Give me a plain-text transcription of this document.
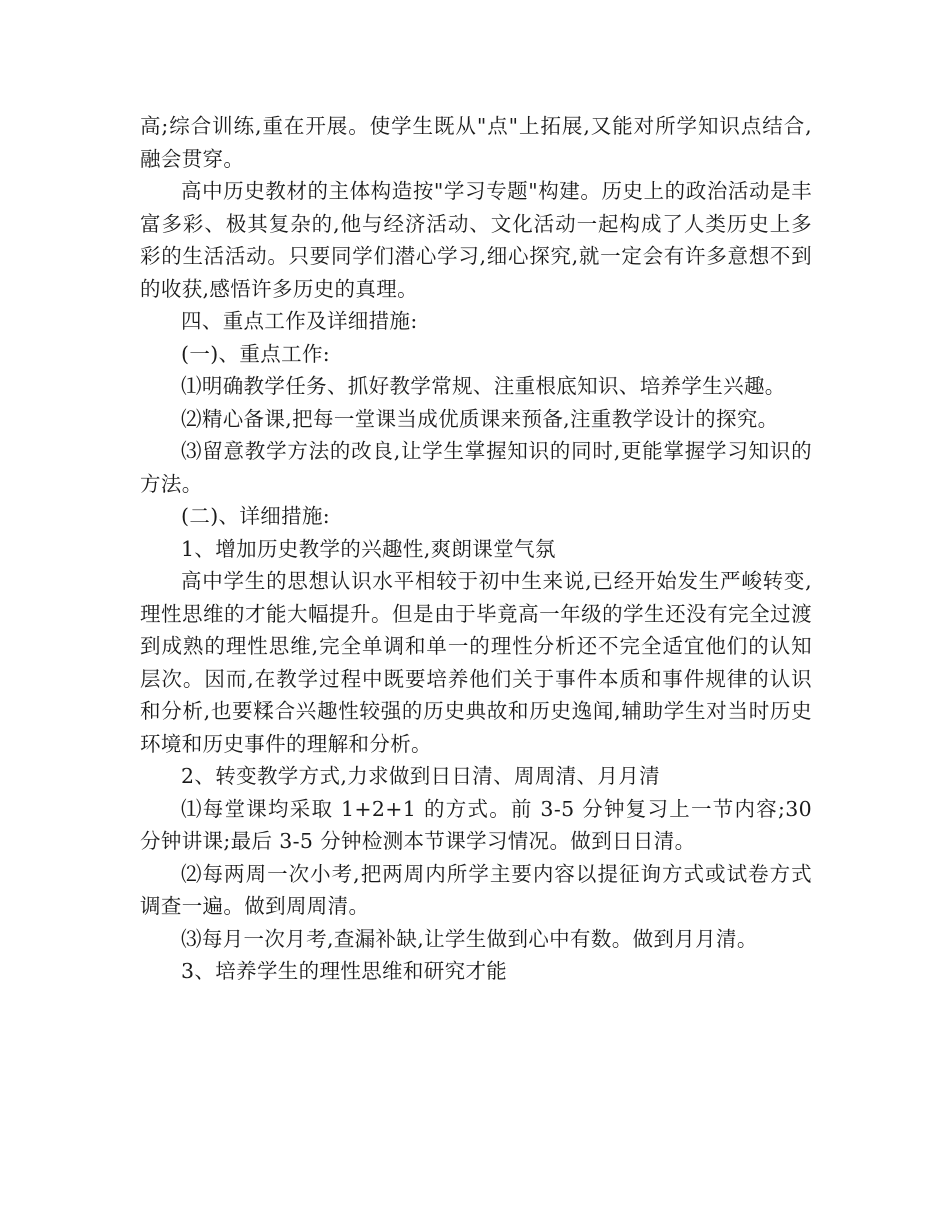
高;综合训练,重在开展。使学生既从"点"上拓展,又能对所学知识点结合,融会贯穿。

高中历史教材的主体构造按"学习专题"构建。历史上的政治活动是丰富多彩、极其复杂的,他与经济活动、文化活动一起构成了人类历史上多彩的生活活动。只要同学们潜心学习,细心探究,就一定会有许多意想不到的收获,感悟许多历史的真理。

四、重点工作及详细措施:

(一)、重点工作:

⑴明确教学任务、抓好教学常规、注重根底知识、培养学生兴趣。

⑵精心备课,把每一堂课当成优质课来预备,注重教学设计的探究。

⑶留意教学方法的改良,让学生掌握知识的同时,更能掌握学习知识的方法。

(二)、详细措施:

1、增加历史教学的兴趣性,爽朗课堂气氛

高中学生的思想认识水平相较于初中生来说,已经开始发生严峻转变,理性思维的才能大幅提升。但是由于毕竟高一年级的学生还没有完全过渡到成熟的理性思维,完全单调和单一的理性分析还不完全适宜他们的认知层次。因而,在教学过程中既要培养他们关于事件本质和事件规律的认识和分析,也要糅合兴趣性较强的历史典故和历史逸闻,辅助学生对当时历史环境和历史事件的理解和分析。

2、转变教学方式,力求做到日日清、周周清、月月清

⑴每堂课均采取 1+2+1 的方式。前 3-5 分钟复习上一节内容;30 分钟讲课;最后 3-5 分钟检测本节课学习情况。做到日日清。

⑵每两周一次小考,把两周内所学主要内容以提征询方式或试卷方式调查一遍。做到周周清。

⑶每月一次月考,查漏补缺,让学生做到心中有数。做到月月清。

3、培养学生的理性思维和研究才能
